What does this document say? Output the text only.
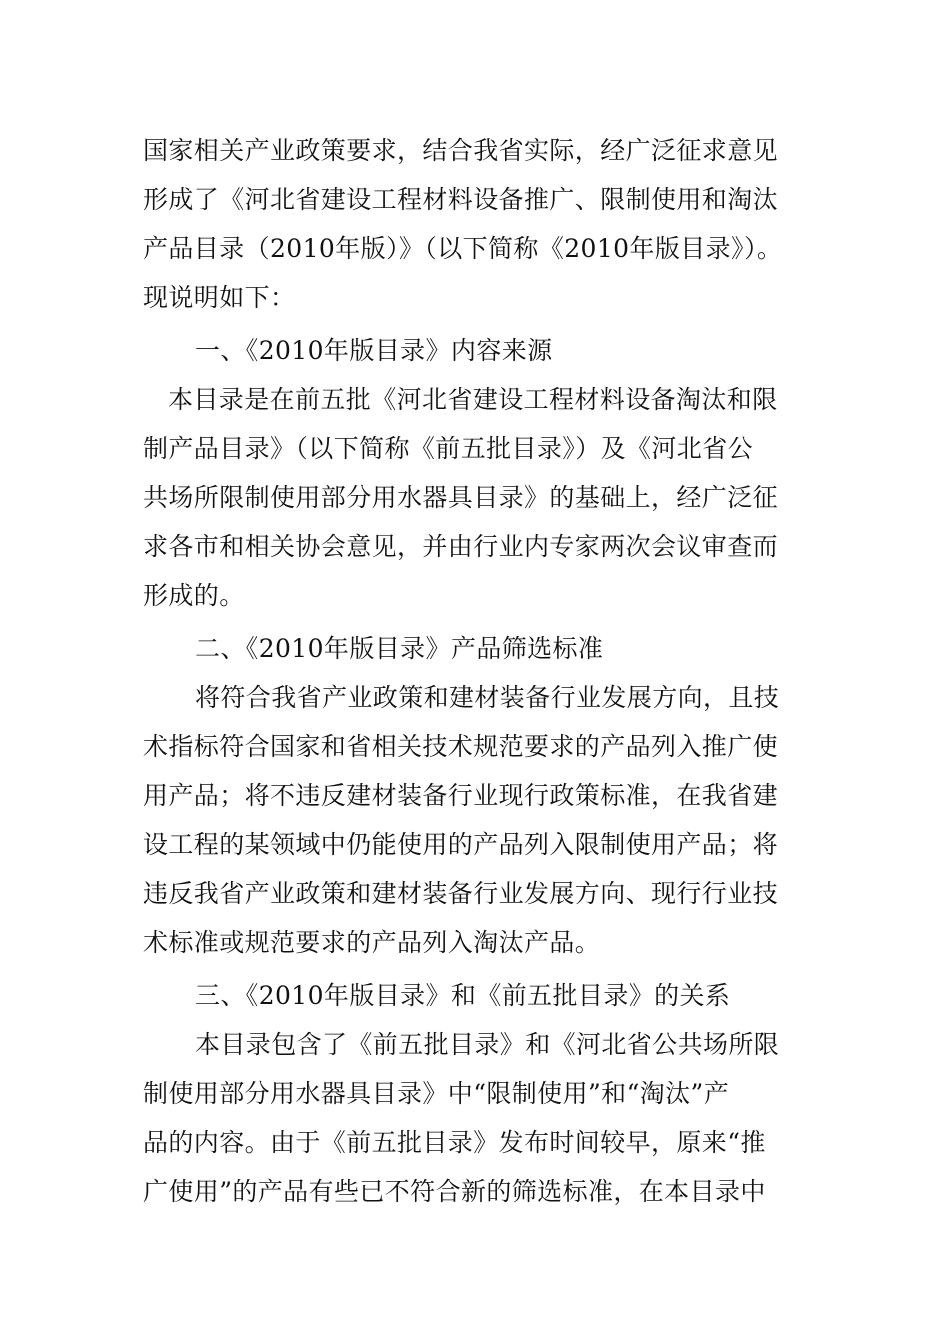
国家相关产业政策要求，结合我省实际，经广泛征求意见
形成了《河北省建设工程材料设备推广、限制使用和淘汰
产品目录（2010年版）》（以下简称《2010年版目录》）。
现说明如下：
一、《2010年版目录》内容来源
本目录是在前五批《河北省建设工程材料设备淘汰和限
制产品目录》（以下简称《前五批目录》）及《河北省公
共场所限制使用部分用水器具目录》的基础上，经广泛征
求各市和相关协会意见，并由行业内专家两次会议审查而
形成的。
二、《2010年版目录》产品筛选标准
将符合我省产业政策和建材装备行业发展方向，且技
术指标符合国家和省相关技术规范要求的产品列入推广使
用产品；将不违反建材装备行业现行政策标准，在我省建
设工程的某领域中仍能使用的产品列入限制使用产品；将
违反我省产业政策和建材装备行业发展方向、现行行业技
术标准或规范要求的产品列入淘汰产品。
三、《2010年版目录》和《前五批目录》的关系
本目录包含了《前五批目录》和《河北省公共场所限
制使用部分用水器具目录》中“限制使用”和“淘汰”产
品的内容。由于《前五批目录》发布时间较早，原来“推
广使用”的产品有些已不符合新的筛选标准，在本目录中
